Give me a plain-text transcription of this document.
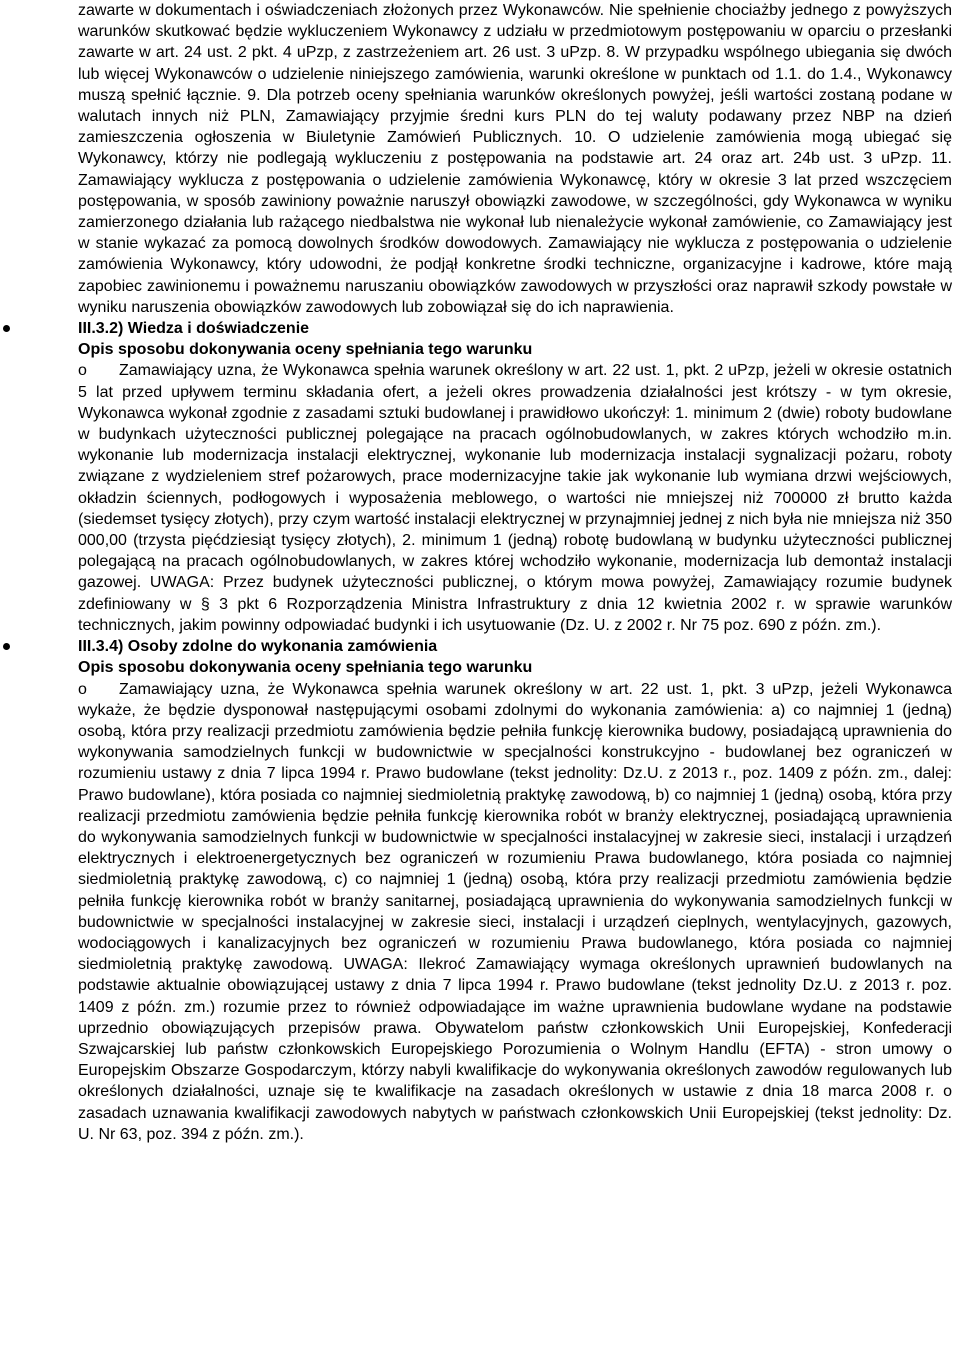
zawarte w dokumentach i oświadczeniach złożonych przez Wykonawców. Nie spełnienie chociażby jednego z powyższych warunków skutkować będzie wykluczeniem Wykonawcy z udziału w przedmiotowym postępowaniu w oparciu o przesłanki zawarte w art. 24 ust. 2 pkt. 4 uPzp, z zastrzeżeniem art. 26 ust. 3 uPzp. 8. W przypadku wspólnego ubiegania się dwóch lub więcej Wykonawców o udzielenie niniejszego zamówienia, warunki określone w punktach od 1.1. do 1.4., Wykonawcy muszą spełnić łącznie. 9. Dla potrzeb oceny spełniania warunków określonych powyżej, jeśli wartości zostaną podane w walutach innych niż PLN, Zamawiający przyjmie średni kurs PLN do tej waluty podawany przez NBP na dzień zamieszczenia ogłoszenia w Biuletynie Zamówień Publicznych. 10. O udzielenie zamówienia mogą ubiegać się Wykonawcy, którzy nie podlegają wykluczeniu z postępowania na podstawie art. 24 oraz art. 24b ust. 3 uPzp. 11. Zamawiający wyklucza z postępowania o udzielenie zamówienia Wykonawcę, który w okresie 3 lat przed wszczęciem postępowania, w sposób zawiniony poważnie naruszył obowiązki zawodowe, w szczególności, gdy Wykonawca w wyniku zamierzonego działania lub rażącego niedbalstwa nie wykonał lub nienależycie wykonał zamówienie, co Zamawiający jest w stanie wykazać za pomocą dowolnych środków dowodowych. Zamawiający nie wyklucza z postępowania o udzielenie zamówienia Wykonawcy, który udowodni, że podjął konkretne środki techniczne, organizacyjne i kadrowe, które mają zapobiec zawinionemu i poważnemu naruszaniu obowiązków zawodowych w przyszłości oraz naprawił szkody powstałe w wyniku naruszenia obowiązków zawodowych lub zobowiązał się do ich naprawienia.

III.3.2) Wiedza i doświadczenie
Opis sposobu dokonywania oceny spełniania tego warunku

o Zamawiający uzna, że Wykonawca spełnia warunek określony w art. 22 ust. 1, pkt. 2 uPzp, jeżeli w okresie ostatnich 5 lat przed upływem terminu składania ofert, a jeżeli okres prowadzenia działalności jest krótszy - w tym okresie, Wykonawca wykonał zgodnie z zasadami sztuki budowlanej i prawidłowo ukończył: 1. minimum 2 (dwie) roboty budowlane w budynkach użyteczności publicznej polegające na pracach ogólnobudowlanych, w zakres których wchodziło m.in. wykonanie lub modernizacja instalacji elektrycznej, wykonanie lub modernizacja instalacji sygnalizacji pożaru, roboty związane z wydzieleniem stref pożarowych, prace modernizacyjne takie jak wykonanie lub wymiana drzwi wejściowych, okładzin ściennych, podłogowych i wyposażenia meblowego, o wartości nie mniejszej niż 700000 zł brutto każda (siedemset tysięcy złotych), przy czym wartość instalacji elektrycznej w przynajmniej jednej z nich była nie mniejsza niż 350 000,00 (trzysta pięćdziesiąt tysięcy złotych), 2. minimum 1 (jedną) robotę budowlaną w budynku użyteczności publicznej polegającą na pracach ogólnobudowlanych, w zakres której wchodziło wykonanie, modernizacja lub demontaż instalacji gazowej. UWAGA: Przez budynek użyteczności publicznej, o którym mowa powyżej, Zamawiający rozumie budynek zdefiniowany w § 3 pkt 6 Rozporządzenia Ministra Infrastruktury z dnia 12 kwietnia 2002 r. w sprawie warunków technicznych, jakim powinny odpowiadać budynki i ich usytuowanie (Dz. U. z 2002 r. Nr 75 poz. 690 z późn. zm.).

III.3.4) Osoby zdolne do wykonania zamówienia
Opis sposobu dokonywania oceny spełniania tego warunku

o Zamawiający uzna, że Wykonawca spełnia warunek określony w art. 22 ust. 1, pkt. 3 uPzp, jeżeli Wykonawca wykaże, że będzie dysponował następującymi osobami zdolnymi do wykonania zamówienia: a) co najmniej 1 (jedną) osobą, która przy realizacji przedmiotu zamówienia będzie pełniła funkcję kierownika budowy, posiadającą uprawnienia do wykonywania samodzielnych funkcji w budownictwie w specjalności konstrukcyjno - budowlanej bez ograniczeń w rozumieniu ustawy z dnia 7 lipca 1994 r. Prawo budowlane (tekst jednolity: Dz.U. z 2013 r., poz. 1409 z późn. zm., dalej: Prawo budowlane), która posiada co najmniej siedmioletnią praktykę zawodową, b) co najmniej 1 (jedną) osobą, która przy realizacji przedmiotu zamówienia będzie pełniła funkcję kierownika robót w branży elektrycznej, posiadającą uprawnienia do wykonywania samodzielnych funkcji w budownictwie w specjalności instalacyjnej w zakresie sieci, instalacji i urządzeń elektrycznych i elektroenergetycznych bez ograniczeń w rozumieniu Prawa budowlanego, która posiada co najmniej siedmioletnią praktykę zawodową, c) co najmniej 1 (jedną) osobą, która przy realizacji przedmiotu zamówienia będzie pełniła funkcję kierownika robót w branży sanitarnej, posiadającą uprawnienia do wykonywania samodzielnych funkcji w budownictwie w specjalności instalacyjnej w zakresie sieci, instalacji i urządzeń cieplnych, wentylacyjnych, gazowych, wodociągowych i kanalizacyjnych bez ograniczeń w rozumieniu Prawa budowlanego, która posiada co najmniej siedmioletnią praktykę zawodową. UWAGA: Ilekroć Zamawiający wymaga określonych uprawnień budowlanych na podstawie aktualnie obowiązującej ustawy z dnia 7 lipca 1994 r. Prawo budowlane (tekst jednolity Dz.U. z 2013 r. poz. 1409 z późn. zm.) rozumie przez to również odpowiadające im ważne uprawnienia budowlane wydane na podstawie uprzednio obowiązujących przepisów prawa. Obywatelom państw członkowskich Unii Europejskiej, Konfederacji Szwajcarskiej lub państw członkowskich Europejskiego Porozumienia o Wolnym Handlu (EFTA) - stron umowy o Europejskim Obszarze Gospodarczym, którzy nabyli kwalifikacje do wykonywania określonych zawodów regulowanych lub określonych działalności, uznaje się te kwalifikacje na zasadach określonych w ustawie z dnia 18 marca 2008 r. o zasadach uznawania kwalifikacji zawodowych nabytych w państwach członkowskich Unii Europejskiej (tekst jednolity: Dz. U. Nr 63, poz. 394 z późn. zm.).
